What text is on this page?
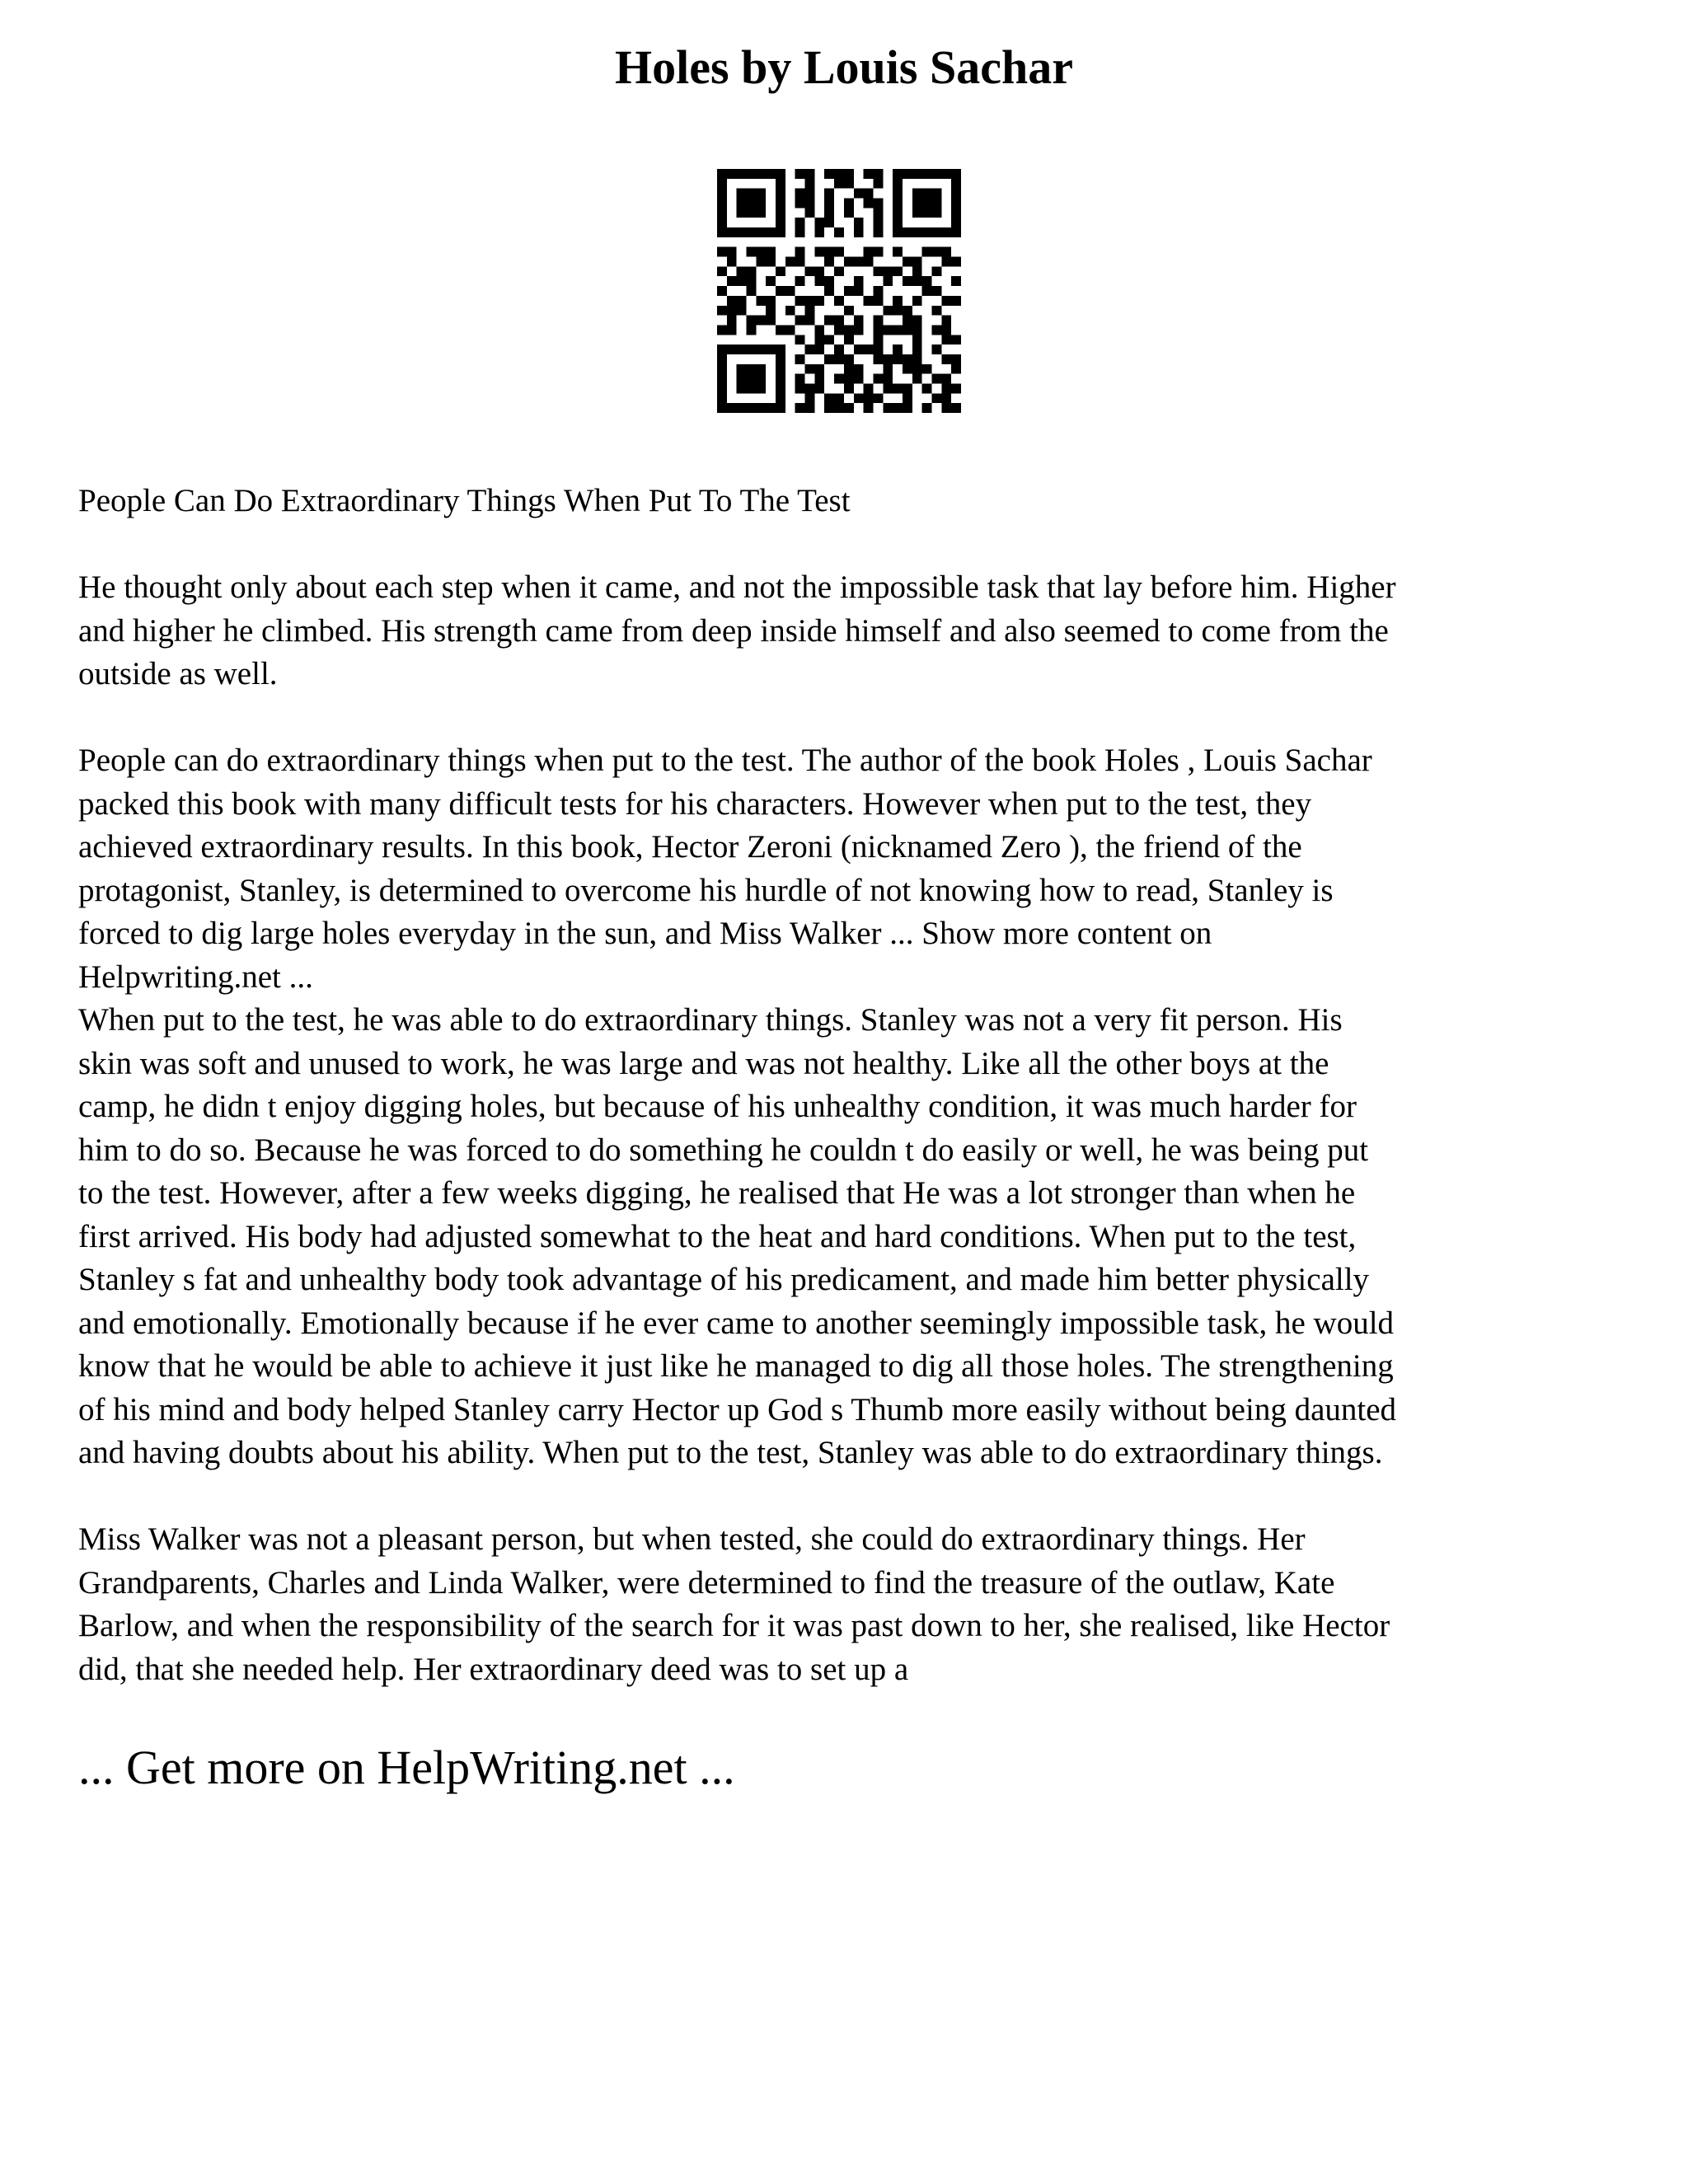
Holes by Louis Sachar

People Can Do Extraordinary Things When Put To The Test

He thought only about each step when it came, and not the impossible task that lay before him. Higher
and higher he climbed. His strength came from deep inside himself and also seemed to come from the
outside as well.

People can do extraordinary things when put to the test. The author of the book Holes , Louis Sachar
packed this book with many difficult tests for his characters. However when put to the test, they
achieved extraordinary results. In this book, Hector Zeroni (nicknamed Zero ), the friend of the
protagonist, Stanley, is determined to overcome his hurdle of not knowing how to read, Stanley is
forced to dig large holes everyday in the sun, and Miss Walker ... Show more content on
Helpwriting.net ...

When put to the test, he was able to do extraordinary things. Stanley was not a very fit person. His
skin was soft and unused to work, he was large and was not healthy. Like all the other boys at the
camp, he didn t enjoy digging holes, but because of his unhealthy condition, it was much harder for
him to do so. Because he was forced to do something he couldn t do easily or well, he was being put
to the test. However, after a few weeks digging, he realised that He was a lot stronger than when he
first arrived. His body had adjusted somewhat to the heat and hard conditions. When put to the test,
Stanley s fat and unhealthy body took advantage of his predicament, and made him better physically
and emotionally. Emotionally because if he ever came to another seemingly impossible task, he would
know that he would be able to achieve it just like he managed to dig all those holes. The strengthening
of his mind and body helped Stanley carry Hector up God s Thumb more easily without being daunted
and having doubts about his ability. When put to the test, Stanley was able to do extraordinary things.

Miss Walker was not a pleasant person, but when tested, she could do extraordinary things. Her
Grandparents, Charles and Linda Walker, were determined to find the treasure of the outlaw, Kate
Barlow, and when the responsibility of the search for it was past down to her, she realised, like Hector
did, that she needed help. Her extraordinary deed was to set up a

... Get more on HelpWriting.net ...
